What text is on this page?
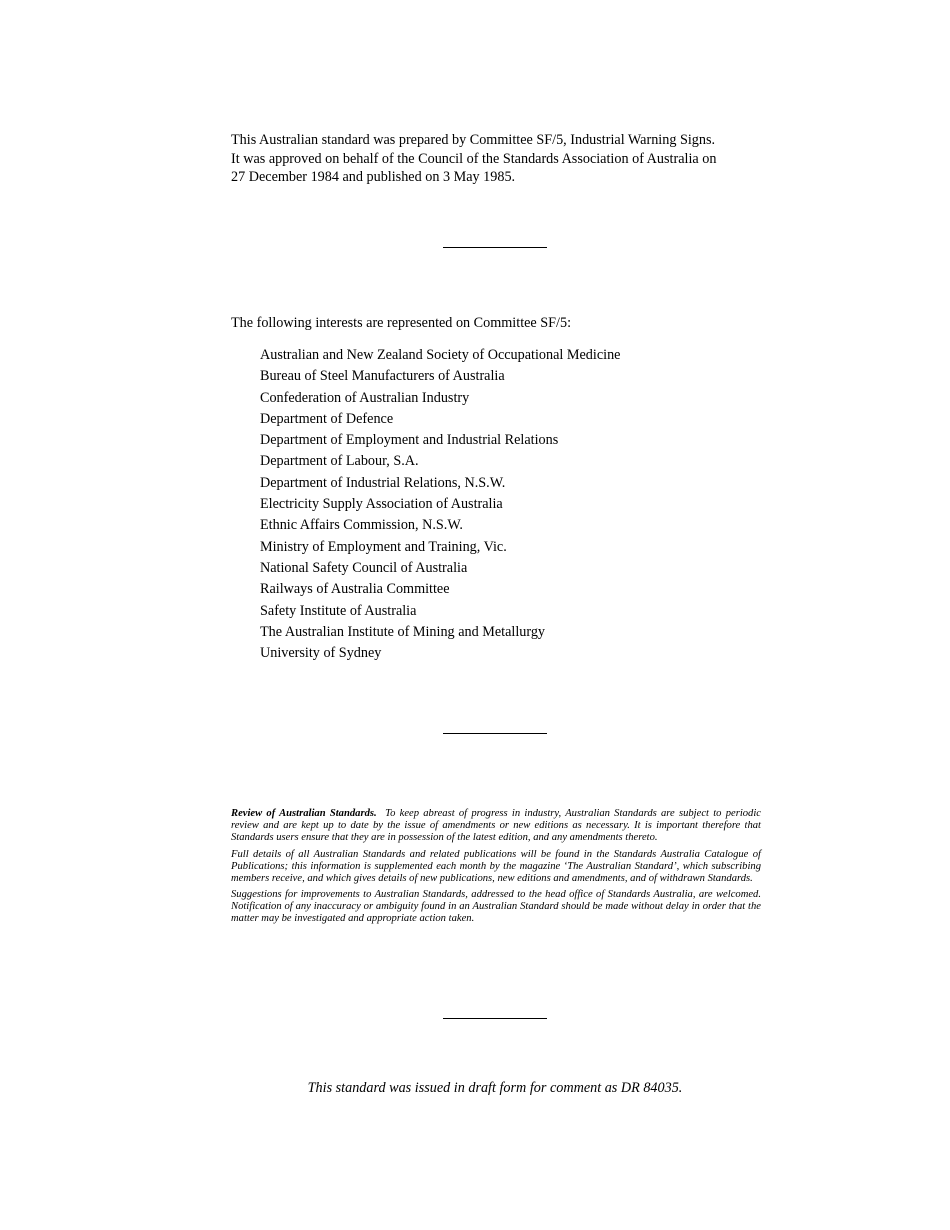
This Australian standard was prepared by Committee SF/5, Industrial Warning Signs.
It was approved on behalf of the Council of the Standards Association of Australia on
27 December 1984 and published on 3 May 1985.
The following interests are represented on Committee SF/5:
Australian and New Zealand Society of Occupational Medicine
Bureau of Steel Manufacturers of Australia
Confederation of Australian Industry
Department of Defence
Department of Employment and Industrial Relations
Department of Labour, S.A.
Department of Industrial Relations, N.S.W.
Electricity Supply Association of Australia
Ethnic Affairs Commission, N.S.W.
Ministry of Employment and Training, Vic.
National Safety Council of Australia
Railways of Australia Committee
Safety Institute of Australia
The Australian Institute of Mining and Metallurgy
University of Sydney

Review of Australian Standards. To keep abreast of progress in industry, Australian Standards are subject to periodic review and are kept up to date by the issue of amendments or new editions as necessary. It is important therefore that Standards users ensure that they are in possession of the latest edition, and any amendments thereto.

Full details of all Australian Standards and related publications will be found in the Standards Australia Catalogue of Publications; this information is supplemented each month by the magazine ‘The Australian Standard’, which subscribing members receive, and which gives details of new publications, new editions and amendments, and of withdrawn Standards.

Suggestions for improvements to Australian Standards, addressed to the head office of Standards Australia, are welcomed. Notification of any inaccuracy or ambiguity found in an Australian Standard should be made without delay in order that the matter may be investigated and appropriate action taken.

This standard was issued in draft form for comment as DR 84035.
